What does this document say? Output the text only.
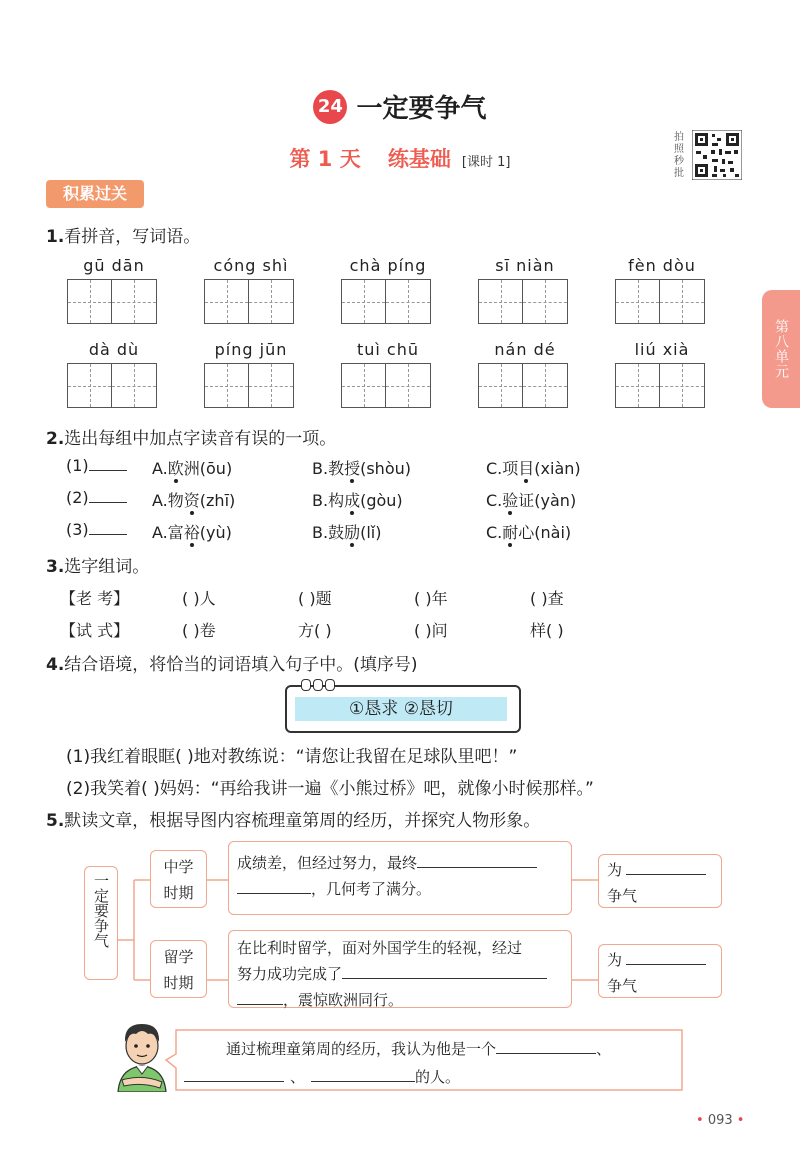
24 一定要争气
第 1 天 练基础 [课时 1]
拍照秒批
第八单元
积累过关
1.看拼音，写词语。
gū dān	cóng shì	chà píng	sī niàn	fèn dòu
dà dù	píng jūn	tuì chū	nán dé	liú xià
2.选出每组中加点字读音有误的一项。
(1)	A.欧洲(ōu)	B.教授(shòu)	C.项目(xiàn)
(2)	A.物资(zhī)	B.构成(gòu)	C.验证(yàn)
(3)	A.富裕(yù)	B.鼓励(lǐ)	C.耐心(nài)
3.选字组词。
【老 考】	( )人	( )题	( )年	( )查
【试 式】	( )卷	方( )	( )问	样( )
4.结合语境，将恰当的词语填入句子中。(填序号)
①恳求 ②恳切
(1)我红着眼眶( )地对教练说：“请您让我留在足球队里吧！”
(2)我笑着( )妈妈：“再给我讲一遍《小熊过桥》吧，就像小时候那样。”
5.默读文章，根据导图内容梳理童第周的经历，并探究人物形象。
一定要争气
中学时期
成绩差，但经过努力，最终
，几何考了满分。
为
争气
留学时期
在比利时留学，面对外国学生的轻视，经过
努力成功完成了
，震惊欧洲同行。
为
争气
通过梳理童第周的经历，我认为他是一个	、
、	的人。
• 093 •
